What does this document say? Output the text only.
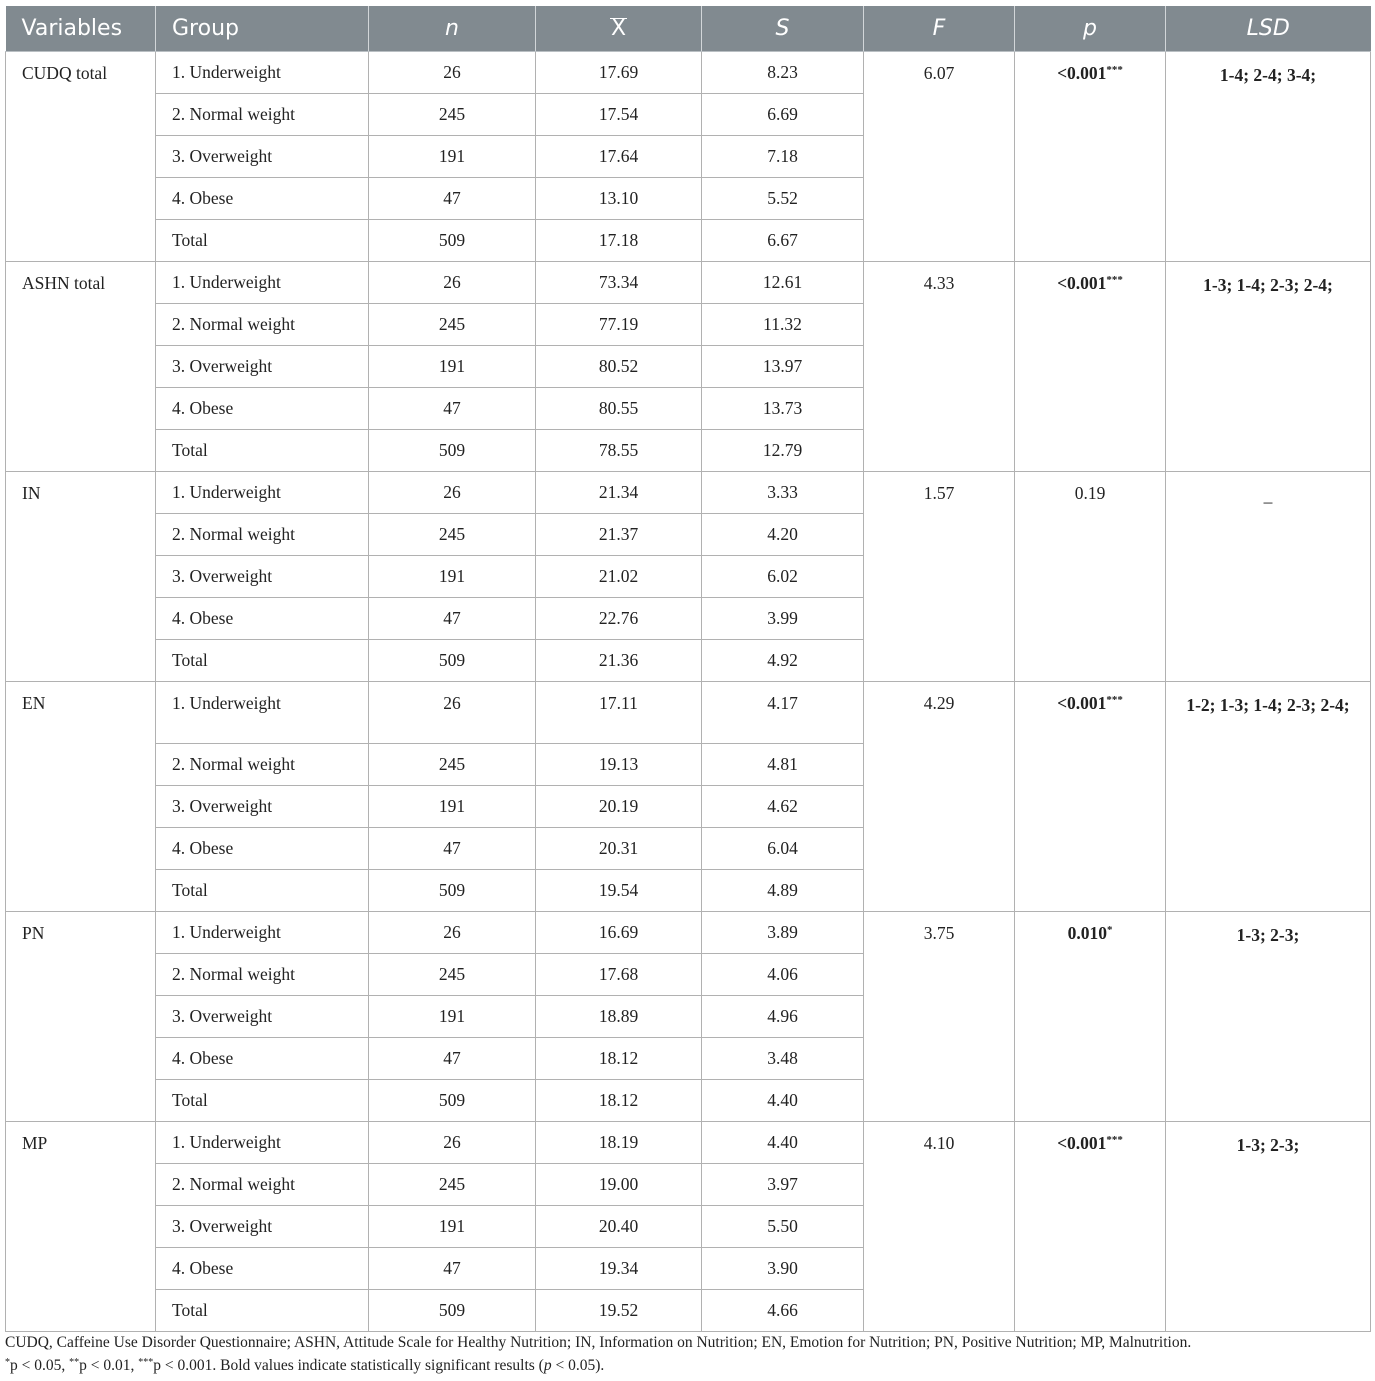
Variables	Group	n	X	S	F	p	LSD
CUDQ total	1. Underweight	26	17.69	8.23	6.07	<0.001***	1-4; 2-4; 3-4;
	2. Normal weight	245	17.54	6.69			
	3. Overweight	191	17.64	7.18			
	4. Obese	47	13.10	5.52			
	Total	509	17.18	6.67			
ASHN total	1. Underweight	26	73.34	12.61	4.33	<0.001***	1-3; 1-4; 2-3; 2-4;
	2. Normal weight	245	77.19	11.32			
	3. Overweight	191	80.52	13.97			
	4. Obese	47	80.55	13.73			
	Total	509	78.55	12.79			
IN	1. Underweight	26	21.34	3.33	1.57	0.19	_
	2. Normal weight	245	21.37	4.20			
	3. Overweight	191	21.02	6.02			
	4. Obese	47	22.76	3.99			
	Total	509	21.36	4.92			
EN	1. Underweight	26	17.11	4.17	4.29	<0.001***	1-2; 1-3; 1-4; 2-3; 2-4;
	2. Normal weight	245	19.13	4.81			
	3. Overweight	191	20.19	4.62			
	4. Obese	47	20.31	6.04			
	Total	509	19.54	4.89			
PN	1. Underweight	26	16.69	3.89	3.75	0.010*	1-3; 2-3;
	2. Normal weight	245	17.68	4.06			
	3. Overweight	191	18.89	4.96			
	4. Obese	47	18.12	3.48			
	Total	509	18.12	4.40			
MP	1. Underweight	26	18.19	4.40	4.10	<0.001***	1-3; 2-3;
	2. Normal weight	245	19.00	3.97			
	3. Overweight	191	20.40	5.50			
	4. Obese	47	19.34	3.90			
	Total	509	19.52	4.66			
CUDQ, Caffeine Use Disorder Questionnaire; ASHN, Attitude Scale for Healthy Nutrition; IN, Information on Nutrition; EN, Emotion for Nutrition; PN, Positive Nutrition; MP, Malnutrition.
*p < 0.05, **p < 0.01, ***p < 0.001. Bold values indicate statistically significant results (p < 0.05).
